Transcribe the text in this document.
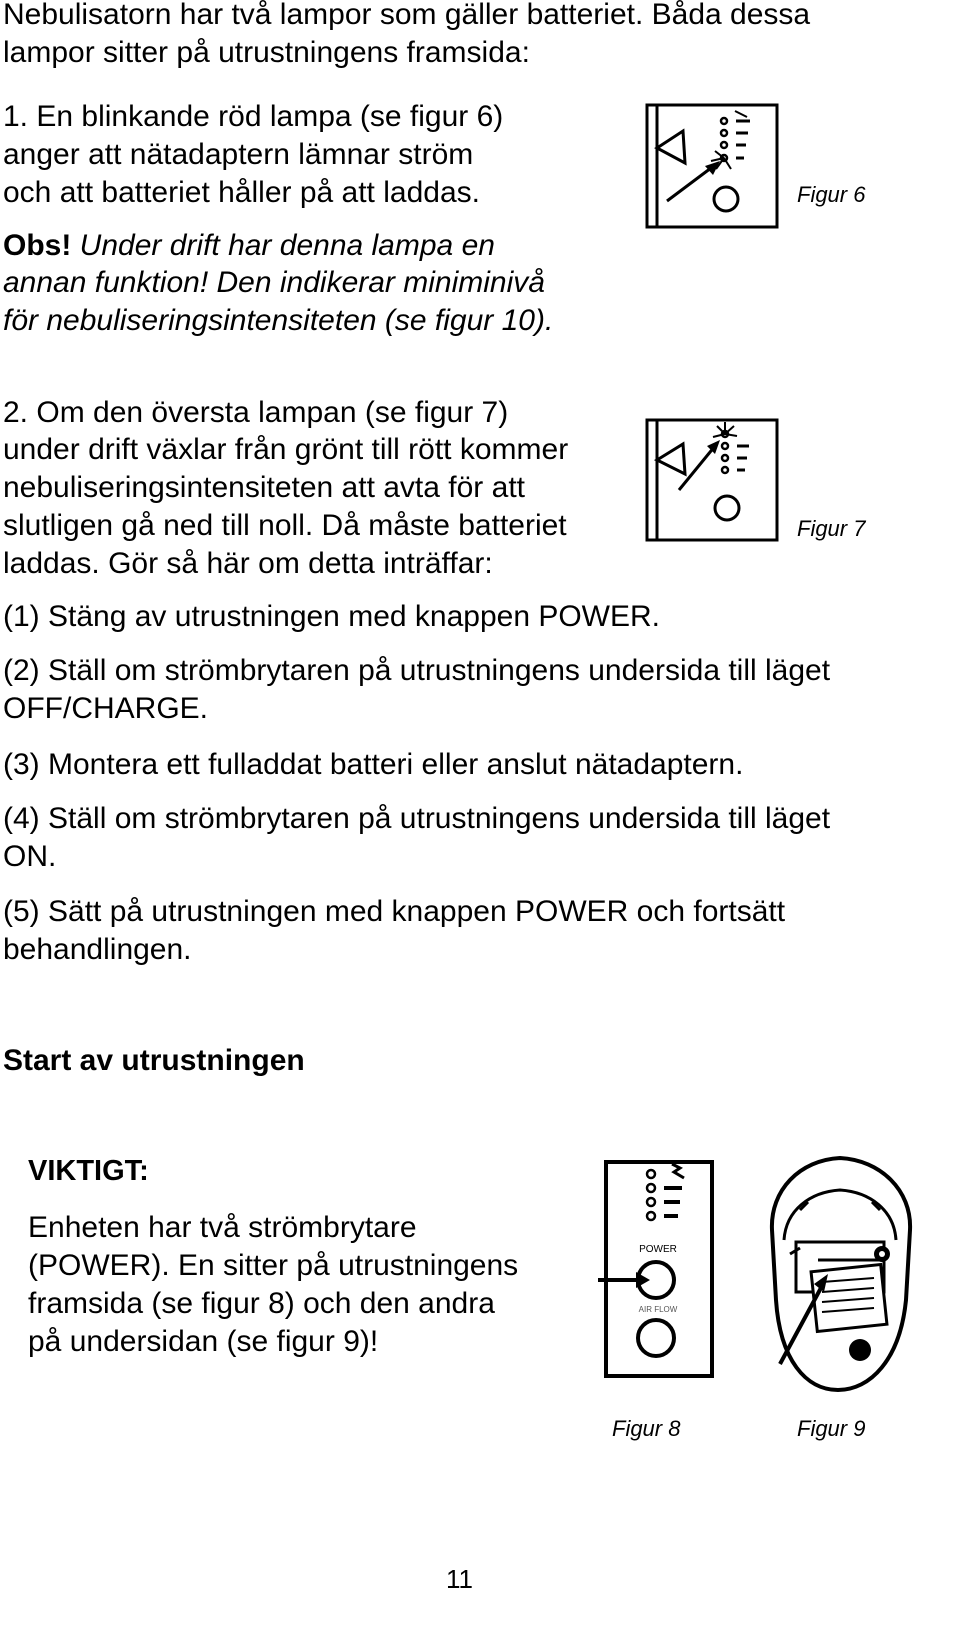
Nebulisatorn har två lampor som gäller batteriet. Båda dessa
lampor sitter på utrustningens framsida:
1. En blinkande röd lampa (se figur 6)
anger att nätadaptern lämnar ström
och att batteriet håller på att laddas.
Obs! Under drift har denna lampa en
annan funktion! Den indikerar miniminivå
för nebuliseringsintensiteten (se figur 10).
Figur 6
2. Om den översta lampan (se figur 7)
under drift växlar från grönt till rött kommer
nebuliseringsintensiteten att avta för att
slutligen gå ned till noll. Då måste batteriet
laddas. Gör så här om detta inträffar:
Figur 7
(1) Stäng av utrustningen med knappen POWER.
(2) Ställ om strömbrytaren på utrustningens undersida till läget
OFF/CHARGE.
(3) Montera ett fulladdat batteri eller anslut nätadaptern.
(4) Ställ om strömbrytaren på utrustningens undersida till läget
ON.
(5) Sätt på utrustningen med knappen POWER och fortsätt
behandlingen.
Start av utrustningen
VIKTIGT:
Enheten har två strömbrytare
(POWER). En sitter på utrustningens
framsida (se figur 8) och den andra
på undersidan (se figur 9)!
POWER
AIR FLOW
Figur 8	Figur 9
11
